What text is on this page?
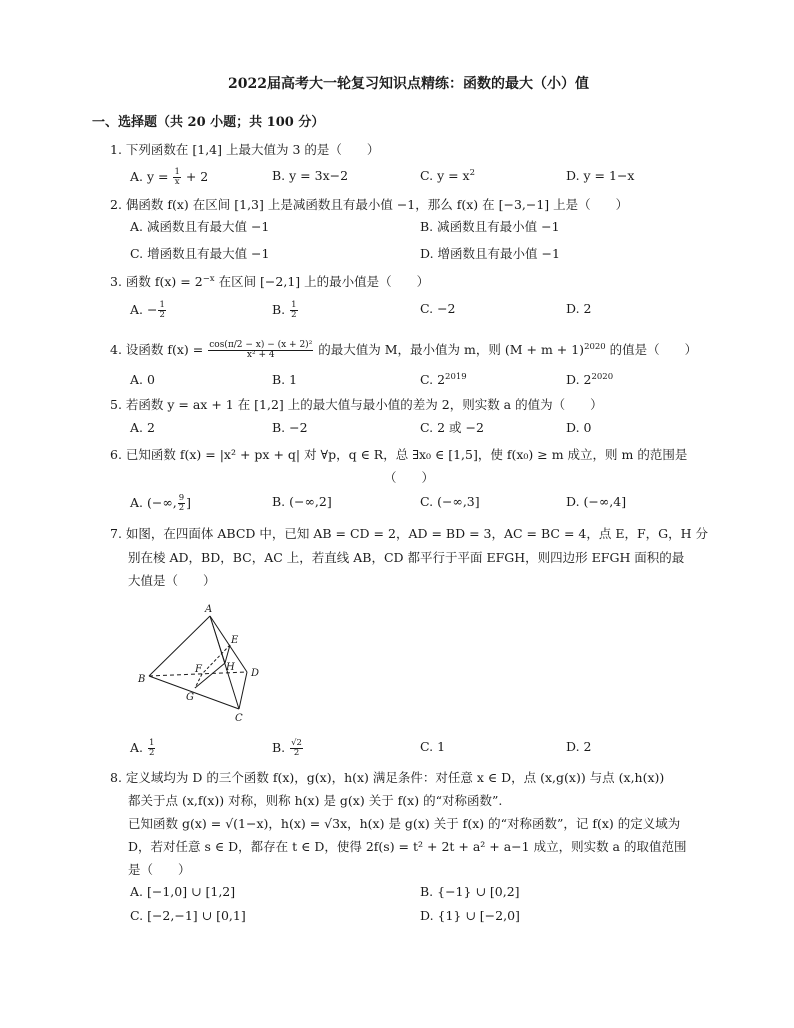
2022届高考大一轮复习知识点精练：函数的最大（小）值
一、选择题（共 20 小题；共 100 分）
1. 下列函数在 [1,4] 上最大值为 3 的是（　　）
A. $y = \frac{1}{x} + 2$	B. y = 3x−2	C. $y = x^2$	D. y = 1−x
2. 偶函数 f(x) 在区间 [1,3] 上是减函数且有最小值 −1，那么 f(x) 在 [−3,−1] 上是（　　）
A. 减函数且有最大值 −1	B. 减函数且有最小值 −1
C. 增函数且有最大值 −1	D. 增函数且有最小值 −1
3. 函数 $f(x) = 2^{-x}$ 在区间 [−2,1] 上的最小值是（　　）
A. − $\frac{1}{2}$	B. $\frac{1}{2}$	C. −2	D. 2
4. 设函数 $f(x) = \frac{\text{cos(π/2 − x) − (x + 2)²}}{\text{x² + 4}}$ 的最大值为 M，最小值为 m，则 $(M + m + 1)^{2020}$ 的值是（　　）
A. 0	B. 1	C. $2^{2019}$	D. $2^{2020}$
5. 若函数 y = ax + 1 在 [1,2] 上的最大值与最小值的差为 2，则实数 a 的值为（　　）
A. 2	B. −2	C. 2 或 −2	D. 0
6. 已知函数 f(x) = |x² + px + q| 对 ∀p，q ∈ R，总 ∃x₀ ∈ [1,5]，使 f(x₀) ≥ m 成立，则 m 的范围是
（　　）
A. (−∞, $\frac{9}{2}$ ]	B. (−∞,2]	C. (−∞,3]	D. (−∞,4]
7. 如图，在四面体 ABCD 中，已知 AB = CD = 2，AD = BD = 3，AC = BC = 4，点 E，F，G，H 分
别在棱 AD，BD，BC，AC 上，若直线 AB，CD 都平行于平面 EFGH，则四边形 EFGH 面积的最
大值是（　　）
A
E
H
F
B
D
G
C
A. $\frac{1}{2}$	B. $\frac{√2}{2}$	C. 1	D. 2
8. 定义域均为 D 的三个函数 f(x)，g(x)，h(x) 满足条件：对任意 x ∈ D，点 (x,g(x)) 与点 (x,h(x))
都关于点 (x,f(x)) 对称，则称 h(x) 是 g(x) 关于 f(x) 的“对称函数”.
已知函数 g(x) = √(1−x)，h(x) = √3x，h(x) 是 g(x) 关于 f(x) 的“对称函数”，记 f(x) 的定义域为
D，若对任意 s ∈ D，都存在 t ∈ D，使得 2f(s) = t² + 2t + a² + a−1 成立，则实数 a 的取值范围
是（　　）
A. [−1,0] ∪ [1,2]	B. {−1} ∪ [0,2]
C. [−2,−1] ∪ [0,1]	D. {1} ∪ [−2,0]
